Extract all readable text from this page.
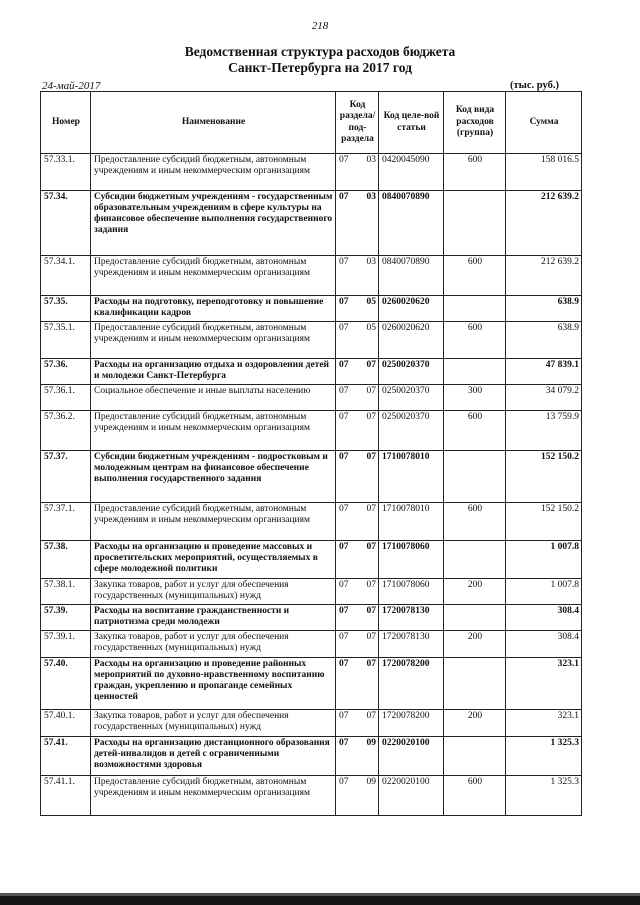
218
Ведомственная структура расходов бюджета
Санкт-Петербурга на 2017 год
24-май-2017	(тыс. руб.)
Номер	Наименование	Код раздела/ под-раздела		Код целе-вой статьи	Код вида расходов (группа)	Сумма
57.33.1.	Предоставление субсидий бюджетным, автономным учреждениям и иным некоммерческим организациям	07	03	0420045090	600	158 016.5
57.34.	Субсидии бюджетным учреждениям - государственным образовательным учреждениям в сфере культуры на финансовое обеспечение выполнения государственного задания	07	03	0840070890		212 639.2
57.34.1.	Предоставление субсидий бюджетным, автономным учреждениям и иным некоммерческим организациям	07	03	0840070890	600	212 639.2
57.35.	Расходы на подготовку, переподготовку и повышение квалификации кадров	07	05	0260020620		638.9
57.35.1.	Предоставление субсидий бюджетным, автономным учреждениям и иным некоммерческим организациям	07	05	0260020620	600	638.9
57.36.	Расходы на организацию отдыха и оздоровления детей и молодежи Санкт-Петербурга	07	07	0250020370		47 839.1
57.36.1.	Социальное обеспечение и иные выплаты населению	07	07	0250020370	300	34 079.2
57.36.2.	Предоставление субсидий бюджетным, автономным учреждениям и иным некоммерческим организациям	07	07	0250020370	600	13 759.9
57.37.	Субсидии бюджетным учреждениям - подростковым и молодежным центрам на финансовое обеспечение выполнения государственного задания	07	07	1710078010		152 150.2
57.37.1.	Предоставление субсидий бюджетным, автономным учреждениям и иным некоммерческим организациям	07	07	1710078010	600	152 150.2
57.38.	Расходы на организацию и проведение массовых и просветительских мероприятий, осуществляемых в сфере молодежной политики	07	07	1710078060		1 007.8
57.38.1.	Закупка товаров, работ и услуг для обеспечения государственных (муниципальных) нужд	07	07	1710078060	200	1 007.8
57.39.	Расходы на воспитание гражданственности и патриотизма среди молодежи	07	07	1720078130		308.4
57.39.1.	Закупка товаров, работ и услуг для обеспечения государственных (муниципальных) нужд	07	07	1720078130	200	308.4
57.40.	Расходы на организацию и проведение районных мероприятий по духовно-нравственному воспитанию граждан, укреплению и пропаганде семейных ценностей	07	07	1720078200		323.1
57.40.1.	Закупка товаров, работ и услуг для обеспечения государственных (муниципальных) нужд	07	07	1720078200	200	323.1
57.41.	Расходы на организацию дистанционного образования детей-инвалидов и детей с ограниченными возможностями здоровья	07	09	0220020100		1 325.3
57.41.1.	Предоставление субсидий бюджетным, автономным учреждениям и иным некоммерческим организациям	07	09	0220020100	600	1 325.3
